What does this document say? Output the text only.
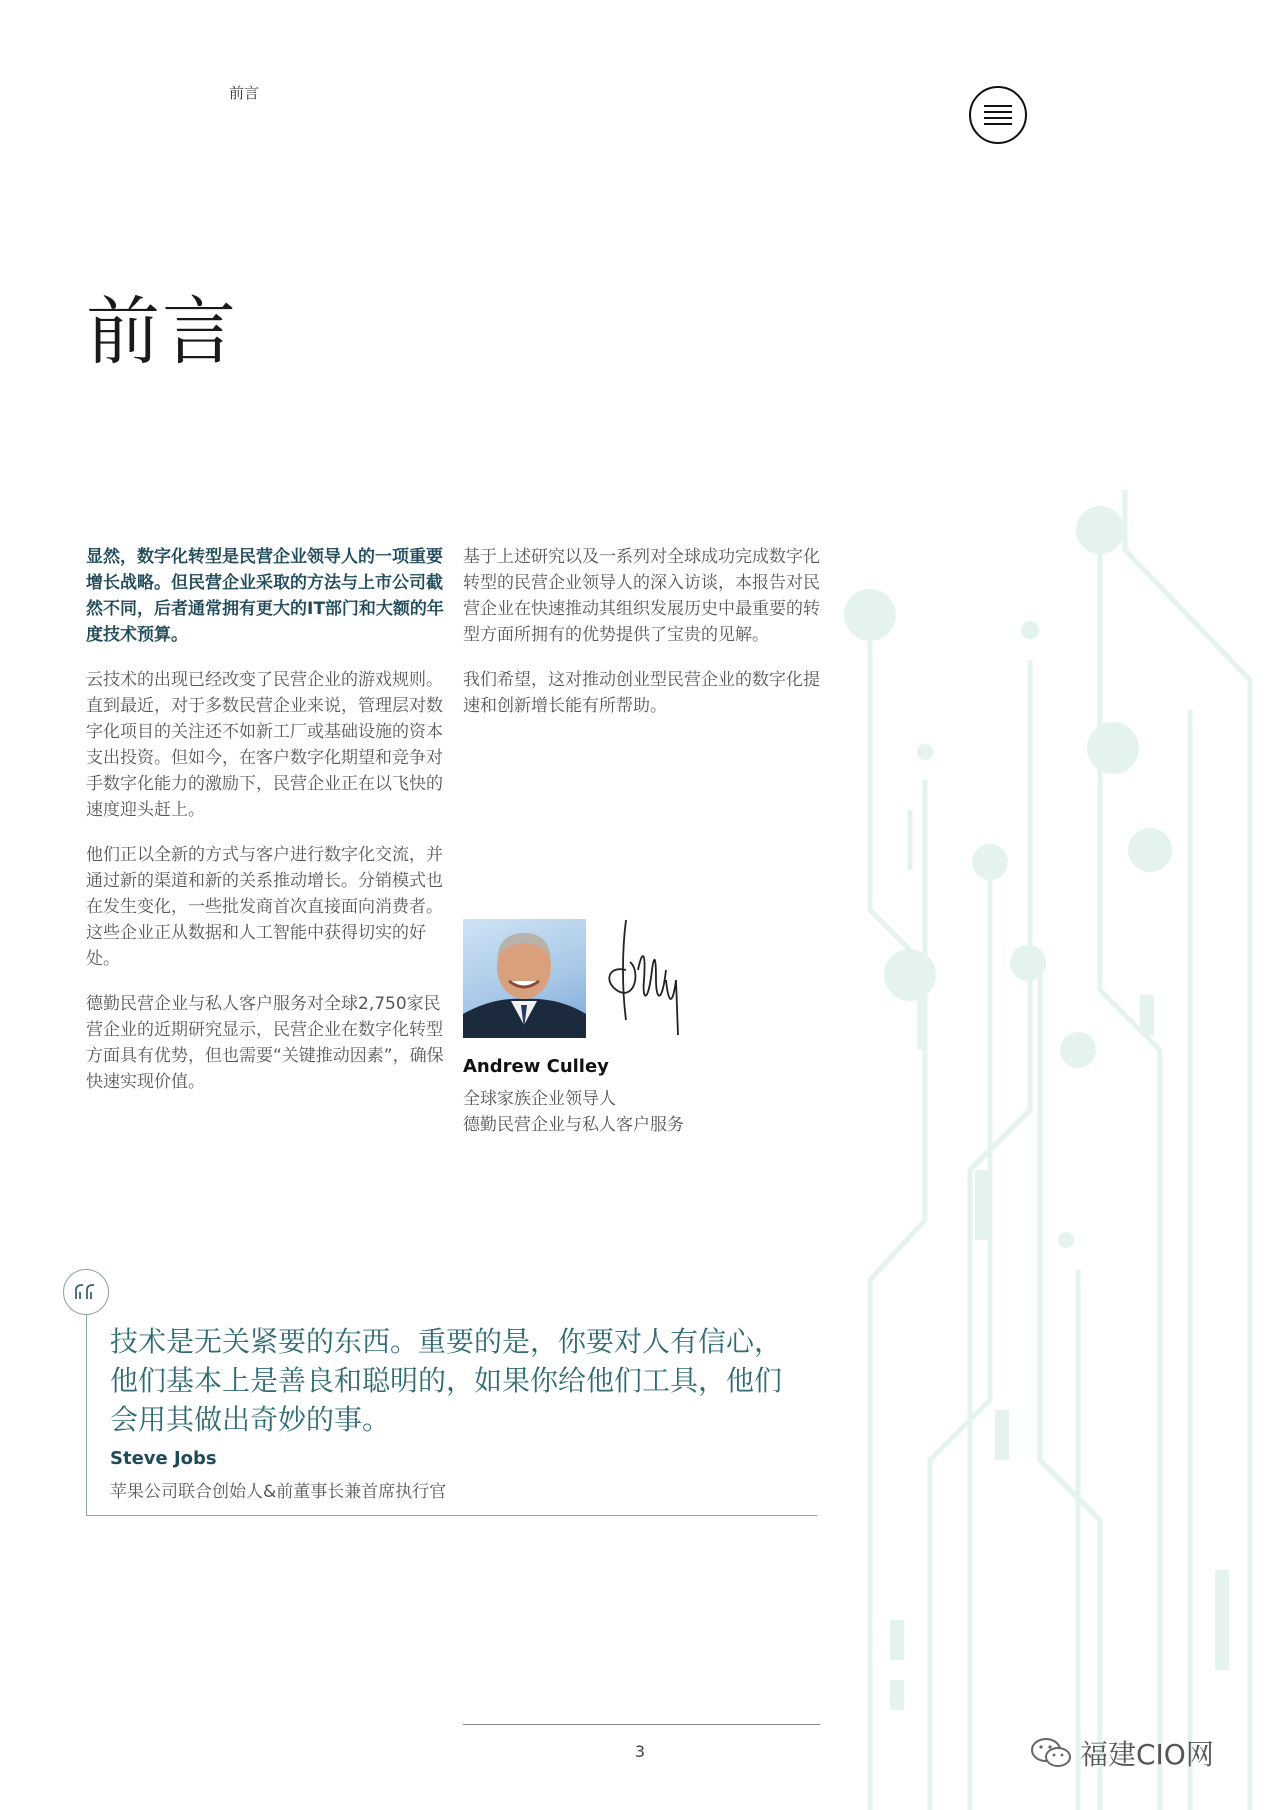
前言
前言

显然，数字化转型是民营企业领导人的一项重要增长战略。但民营企业采取的方法与上市公司截然不同，后者通常拥有更大的IT部门和大额的年度技术预算。

云技术的出现已经改变了民营企业的游戏规则。直到最近，对于多数民营企业来说，管理层对数字化项目的关注还不如新工厂或基础设施的资本支出投资。但如今，在客户数字化期望和竞争对手数字化能力的激励下，民营企业正在以飞快的速度迎头赶上。

他们正以全新的方式与客户进行数字化交流，并通过新的渠道和新的关系推动增长。分销模式也在发生变化，一些批发商首次直接面向消费者。这些企业正从数据和人工智能中获得切实的好处。

德勤民营企业与私人客户服务对全球2,750家民营企业的近期研究显示，民营企业在数字化转型方面具有优势，但也需要“关键推动因素”，确保快速实现价值。

基于上述研究以及一系列对全球成功完成数字化转型的民营企业领导人的深入访谈，本报告对民营企业在快速推动其组织发展历史中最重要的转型方面所拥有的优势提供了宝贵的见解。

我们希望，这对推动创业型民营企业的数字化提速和创新增长能有所帮助。

Andrew Culley
全球家族企业领导人
德勤民营企业与私人客户服务

技术是无关紧要的东西。重要的是，你要对人有信心，他们基本上是善良和聪明的，如果你给他们工具，他们会用其做出奇妙的事。

Steve Jobs
苹果公司联合创始人&前董事长兼首席执行官
3	福建CIO网
